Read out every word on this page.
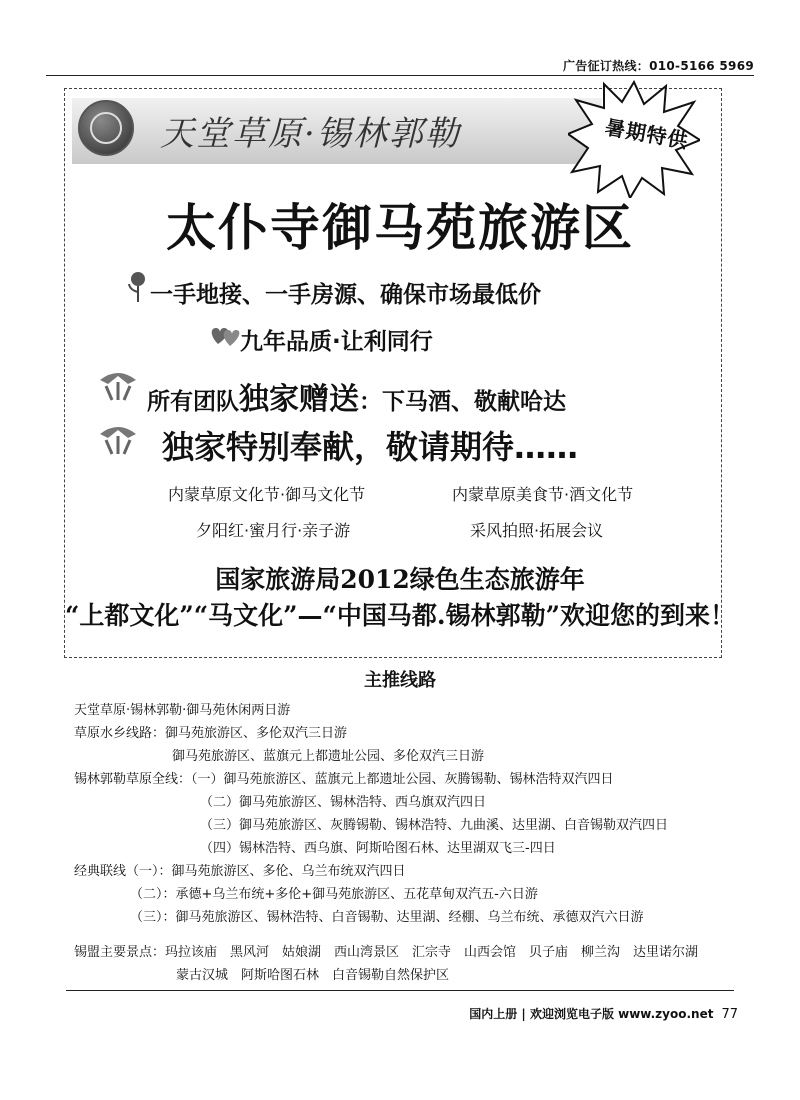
广告征订热线：010-5166 5969
天堂草原·锡林郭勒	暑期特供
太仆寺御马苑旅游区
一手地接、一手房源、确保市场最低价
九年品质·让利同行
所有团队独家赠送：下马酒、敬献哈达
独家特别奉献，敬请期待……
内蒙草原文化节·御马文化节	内蒙草原美食节·酒文化节
夕阳红·蜜月行·亲子游	采风拍照·拓展会议
国家旅游局2012绿色生态旅游年
“上都文化”“马文化”—“中国马都.锡林郭勒”欢迎您的到来！
主推线路
天堂草原·锡林郭勒·御马苑休闲两日游
草原水乡线路：御马苑旅游区、多伦双汽三日游
御马苑旅游区、蓝旗元上都遗址公园、多伦双汽三日游
锡林郭勒草原全线：（一）御马苑旅游区、蓝旗元上都遗址公园、灰腾锡勒、锡林浩特双汽四日
（二）御马苑旅游区、锡林浩特、西乌旗双汽四日
（三）御马苑旅游区、灰腾锡勒、锡林浩特、九曲溪、达里湖、白音锡勒双汽四日
（四）锡林浩特、西乌旗、阿斯哈图石林、达里湖双飞三-四日
经典联线（一）：御马苑旅游区、多伦、乌兰布统双汽四日
（二）：承德+乌兰布统+多伦+御马苑旅游区、五花草甸双汽五-六日游
（三）：御马苑旅游区、锡林浩特、白音锡勒、达里湖、经棚、乌兰布统、承德双汽六日游
锡盟主要景点：玛拉该庙　黑风河　姑娘湖　西山湾景区　汇宗寺　山西会馆　贝子庙　柳兰沟　达里诺尔湖
蒙古汉城　阿斯哈图石林　白音锡勒自然保护区
国内上册 | 欢迎浏览电子版 www.zyoo.net 77
